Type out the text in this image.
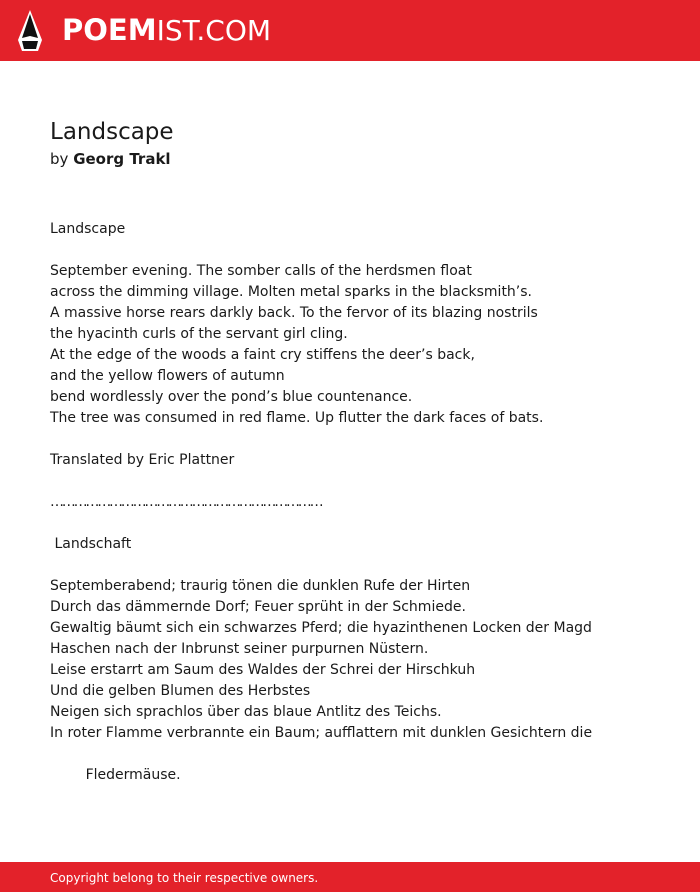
POEMIST.COM
Landscape
by Georg Trakl
Landscape
September evening. The somber calls of the herdsmen float
across the dimming village. Molten metal sparks in the blacksmith’s.
A massive horse rears darkly back. To the fervor of its blazing nostrils
the hyacinth curls of the servant girl cling.
At the edge of the woods a faint cry stiffens the deer’s back,
and the yellow flowers of autumn
bend wordlessly over the pond’s blue countenance.
The tree was consumed in red flame. Up flutter the dark faces of bats.
Translated by Eric Plattner
……………………………………………………………
Landschaft
Septemberabend; traurig tönen die dunklen Rufe der Hirten
Durch das dämmernde Dorf; Feuer sprüht in der Schmiede.
Gewaltig bäumt sich ein schwarzes Pferd; die hyazinthenen Locken der Magd
Haschen nach der Inbrunst seiner purpurnen Nüstern.
Leise erstarrt am Saum des Waldes der Schrei der Hirschkuh
Und die gelben Blumen des Herbstes
Neigen sich sprachlos über das blaue Antlitz des Teichs.
In roter Flamme verbrannte ein Baum; aufflattern mit dunklen Gesichtern die
Fledermäuse.
Copyright belong to their respective owners.
